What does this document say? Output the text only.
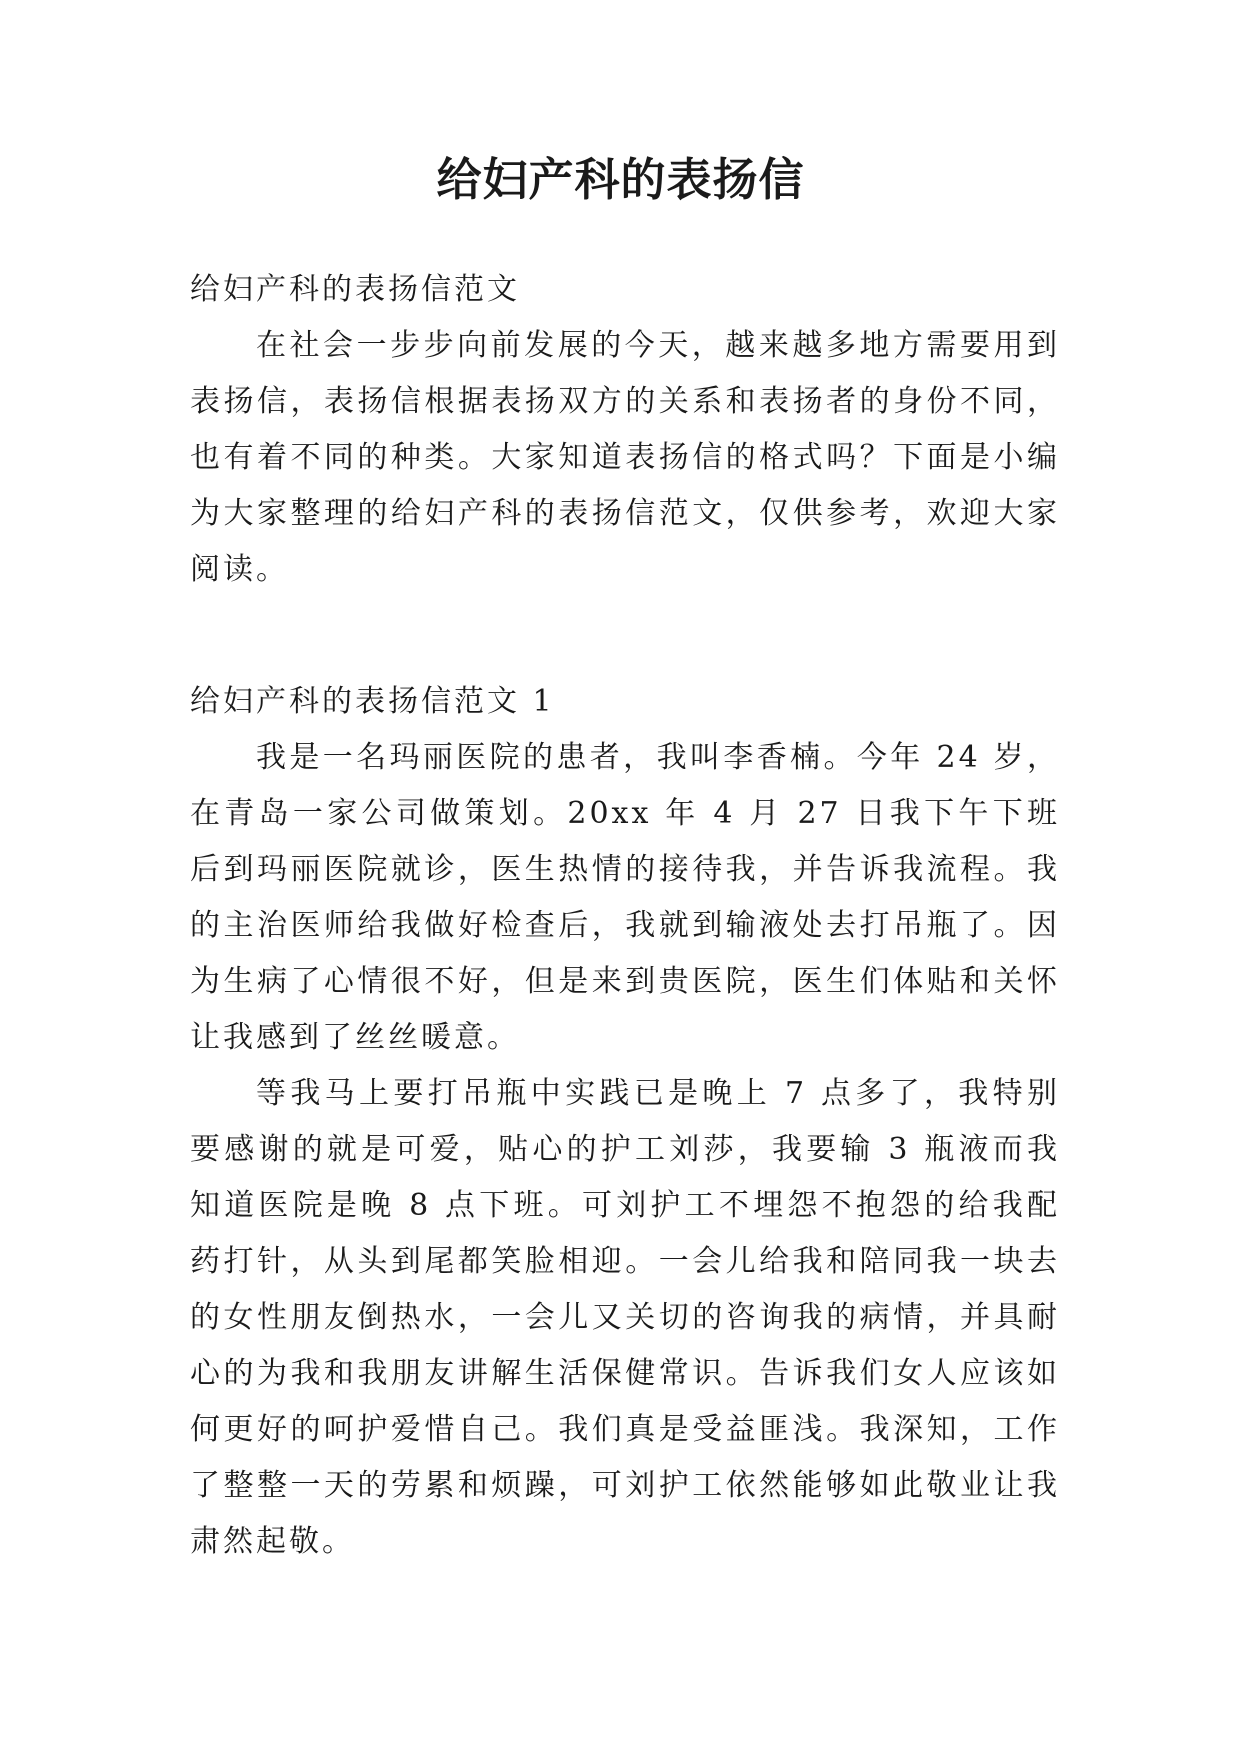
给妇产科的表扬信

给妇产科的表扬信范文

在社会一步步向前发展的今天，越来越多地方需要用到表扬信，表扬信根据表扬双方的关系和表扬者的身份不同，也有着不同的种类。大家知道表扬信的格式吗？下面是小编为大家整理的给妇产科的表扬信范文，仅供参考，欢迎大家阅读。

给妇产科的表扬信范文 1

我是一名玛丽医院的患者，我叫李香楠。今年 24 岁，在青岛一家公司做策划。20xx 年 4 月 27 日我下午下班后到玛丽医院就诊，医生热情的接待我，并告诉我流程。我的主治医师给我做好检查后，我就到输液处去打吊瓶了。因为生病了心情很不好，但是来到贵医院，医生们体贴和关怀让我感到了丝丝暖意。

等我马上要打吊瓶中实践已是晚上 7 点多了，我特别要感谢的就是可爱，贴心的护工刘莎，我要输 3 瓶液而我知道医院是晚 8 点下班。可刘护工不埋怨不抱怨的给我配药打针，从头到尾都笑脸相迎。一会儿给我和陪同我一块去的女性朋友倒热水，一会儿又关切的咨询我的病情，并具耐心的为我和我朋友讲解生活保健常识。告诉我们女人应该如何更好的呵护爱惜自己。我们真是受益匪浅。我深知，工作了整整一天的劳累和烦躁，可刘护工依然能够如此敬业让我肃然起敬。
